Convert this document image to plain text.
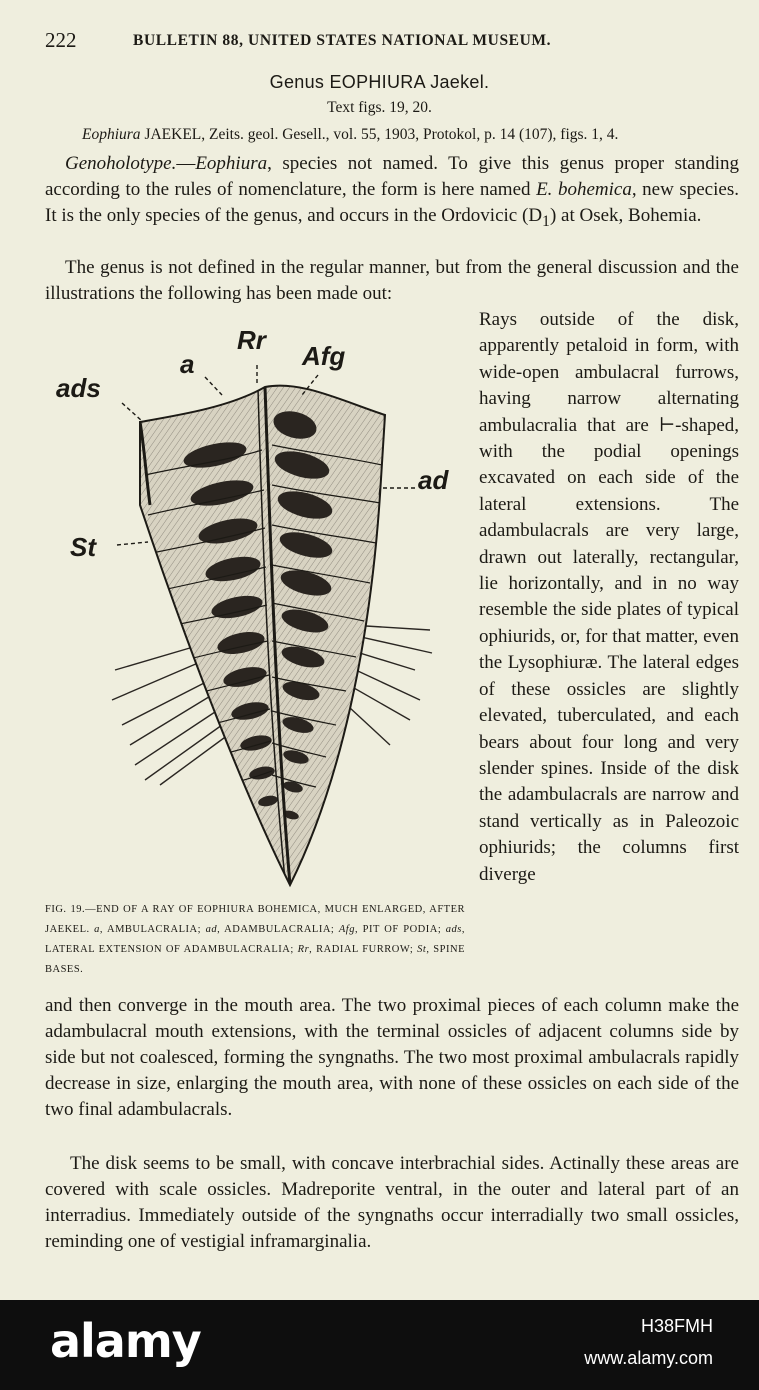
222	BULLETIN 88, UNITED STATES NATIONAL MUSEUM.
Genus EOPHIURA Jaekel.
Text figs. 19, 20.
Eophiura JAEKEL, Zeits. geol. Gesell., vol. 55, 1903, Protokol, p. 14 (107), figs. 1, 4.

Genoholotype.—Eophiura, species not named. To give this genus proper standing according to the rules of nomenclature, the form is here named E. bohemica, new species. It is the only species of the genus, and occurs in the Ordovicic $(D_1)$ at Osek, Bohemia.

The genus is not defined in the regular manner, but from the general discussion and the illustrations the following has been made out:

ads
a
Rr
Afg
ad
St

FIG. 19.—END OF A RAY OF EOPHIURA BOHEMICA, MUCH ENLARGED, AFTER JAEKEL. a, AMBULACRALIA; ad, ADAMBULACRALIA; Afg, PIT OF PODIA; ads, LATERAL EXTENSION OF ADAMBULACRALIA; Rr, RADIAL FURROW; St, SPINE BASES.

Rays outside of the disk, apparently petaloid in form, with wide-open ambulacral furrows, having narrow alternating ambulacralia that are ⊢-shaped, with the podial openings excavated on each side of the lateral extensions. The adambulacrals are very large, drawn out laterally, rectangular, lie horizontally, and in no way resemble the side plates of typical ophiurids, or, for that matter, even the Lysophiuræ. The lateral edges of these ossicles are slightly elevated, tuberculated, and each bears about four long and very slender spines. Inside of the disk the adambulacrals are narrow and stand vertically as in Paleozoic ophiurids; the columns first diverge

and then converge in the mouth area. The two proximal pieces of each column make the adambulacral mouth extensions, with the terminal ossicles of adjacent columns side by side but not coalesced, forming the syngnaths. The two most proximal ambulacrals rapidly decrease in size, enlarging the mouth area, with none of these ossicles on each side of the two final adambulacrals.

The disk seems to be small, with concave interbrachial sides. Actinally these areas are covered with scale ossicles. Madreporite ventral, in the outer and lateral part of an interradius. Immediately outside of the syngnaths occur interradially two small ossicles, reminding one of vestigial inframarginalia.

alamy	H38FMH
www.alamy.com
